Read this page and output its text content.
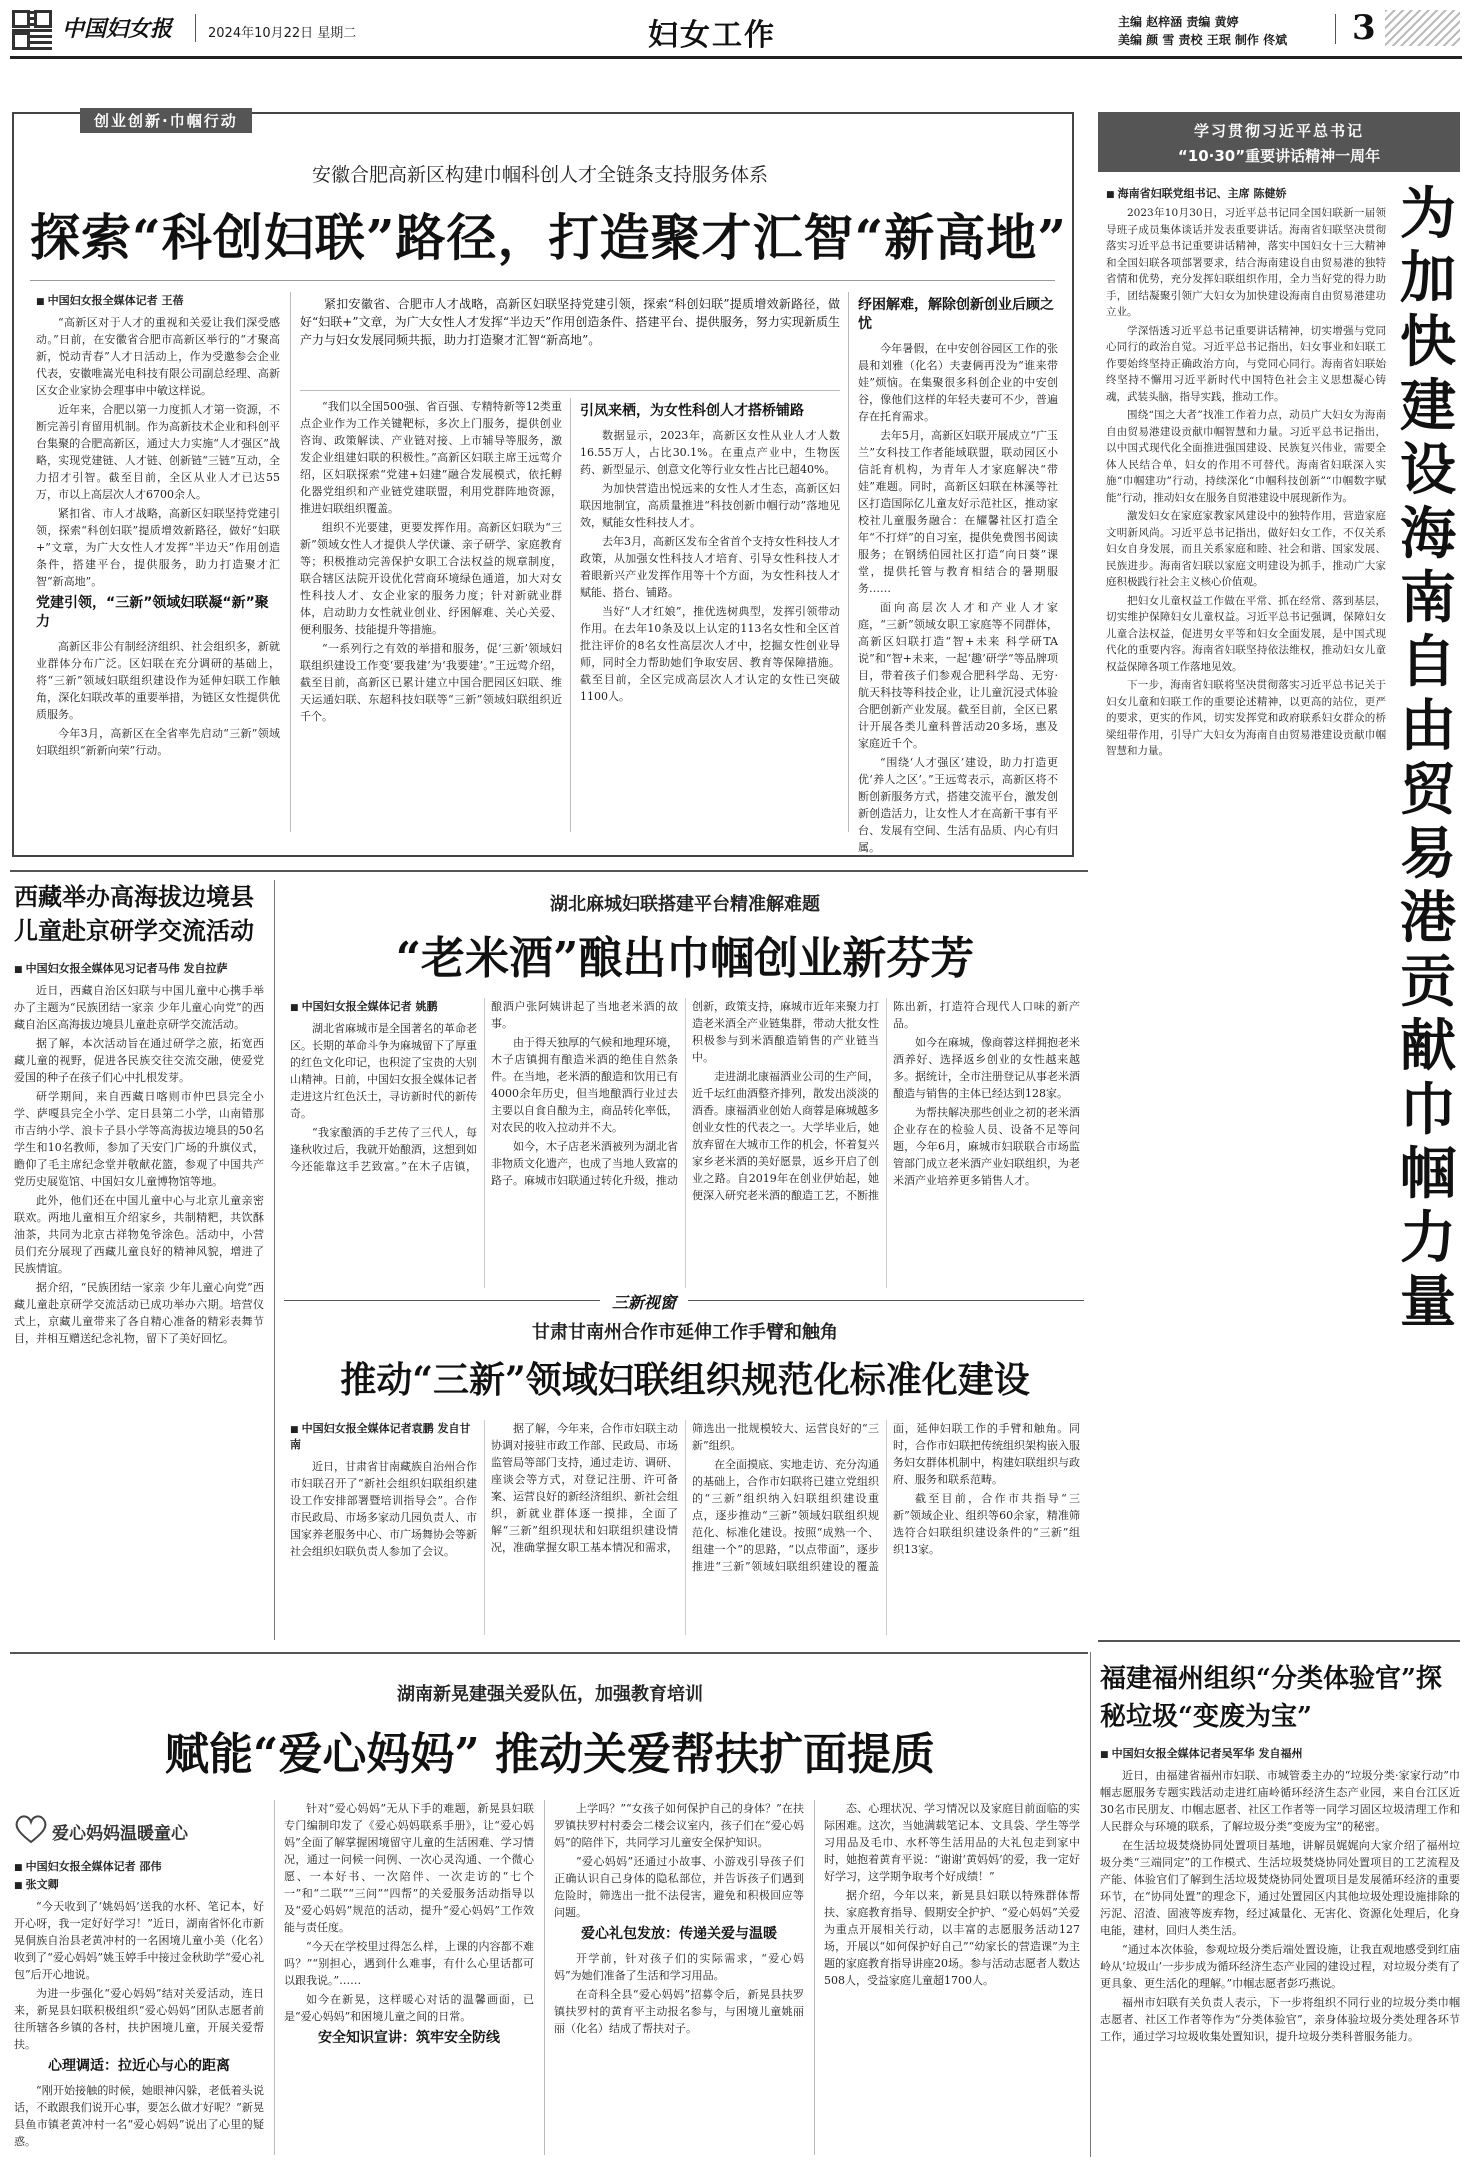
中国妇女报	2024年10月22日 星期二	妇女工作	主编 赵梓涵 责编 黄婷
美编 颜 雪 责校 王珉 制作 佟斌 3
创业创新·巾帼行动
安徽合肥高新区构建巾帼科创人才全链条支持服务体系
探索“科创妇联”路径，打造聚才汇智“新高地”
■ 中国妇女报全媒体记者 王蓓

“高新区对于人才的重视和关爱让我们深受感动。”日前，在安徽省合肥市高新区举行的“才聚高新，悦动青春”人才日活动上，作为受邀参会企业代表，安徽唯嵩光电科技有限公司副总经理、高新区女企业家协会理事申中敏这样说。

近年来，合肥以第一力度抓人才第一资源，不断完善引育留用机制。作为高新技术企业和科创平台集聚的合肥高新区，通过大力实施“人才强区”战略，实现党建链、人才链、创新链“三链”互动，全力招才引智。截至目前，全区从业人才已达55万，市以上高层次人才6700余人。

紧扣省、市人才战略，高新区妇联坚持党建引领，探索“科创妇联”提质增效新路径，做好“妇联+”文章，为广大女性人才发挥“半边天”作用创造条件，搭建平台，提供服务，助力打造聚才汇智“新高地”。

党建引领，“三新”领域妇联凝“新”聚力

高新区非公有制经济组织、社会组织多，新就业群体分布广泛。区妇联在充分调研的基础上，将“三新”领域妇联组织建设作为延伸妇联工作触角，深化妇联改革的重要举措，为链区女性提供优质服务。

今年3月，高新区在全省率先启动“三新”领域妇联组织“新新向荣”行动。

紧扣安徽省、合肥市人才战略，高新区妇联坚持党建引领，探索“科创妇联”提质增效新路径，做好“妇联+”文章，为广大女性人才发挥“半边天”作用创造条件、搭建平台、提供服务，努力实现新质生产力与妇女发展同频共振，助力打造聚才汇智“新高地”。

“我们以全国500强、省百强、专精特新等12类重点企业作为工作关键靶标，多次上门服务，提供创业咨询、政策解读、产业链对接、上市辅导等服务，激发企业组建妇联的积极性。”高新区妇联主席王远莺介绍，区妇联探索“党建+妇建”融合发展模式，依托孵化器党组织和产业链党建联盟，利用党群阵地资源，推进妇联组织覆盖。

组织不光要建，更要发挥作用。高新区妇联为“三新”领域女性人才提供人学伏谦、亲子研学、家庭教育等；积极推动完善保护女职工合法权益的规章制度，联合辖区法院开设优化营商环境绿色通道，加大对女性科技人才、女企业家的服务力度；针对新就业群体，启动助力女性就业创业、纾困解难、关心关爱、便利服务、技能提升等措施。

“一系列行之有效的举措和服务，促‘三新’领域妇联组织建设工作变‘要我建’为‘我要建’。”王远莺介绍，截至目前，高新区已累计建立中国合肥园区妇联、维天运通妇联、东超科技妇联等“三新”领域妇联组织近千个。

引凤来栖，为女性科创人才搭桥铺路

数据显示，2023年，高新区女性从业人才人数16.55万人，占比30.1%。在重点产业中，生物医药、新型显示、创意文化等行业女性占比已超40%。

为加快营造出悦远来的女性人才生态，高新区妇联因地制宜，高质量推进“科技创新巾帼行动”落地见效，赋能女性科技人才。

去年3月，高新区发布全省首个支持女性科技人才政策，从加强女性科技人才培育、引导女性科技人才着眼新兴产业发挥作用等十个方面，为女性科技人才赋能、搭台、铺路。

当好“人才红娘”，推优选树典型，发挥引领带动作用。在去年10条及以上认定的113名女性和全区首批注评价的8名女性高层次人才中，挖掘女性创业导师，同时全力帮助她们争取安居、教育等保障措施。截至目前，全区完成高层次人才认定的女性已突破1100人。

纾困解难，解除创新创业后顾之忧

今年暑假，在中安创谷园区工作的张晨和刘雅（化名）夫妻俩再没为“谁来带娃”烦恼。在集聚很多科创企业的中安创谷，像他们这样的年轻夫妻可不少，普遍存在托育需求。

去年5月，高新区妇联开展成立“广玉兰”女科技工作者能域联盟，联动园区小信託育机构，为青年人才家庭解决“带娃”难题。同时，高新区妇联在林溪等社区打造国际亿儿童友好示范社区，推动家校社儿童服务融合：在耀馨社区打造全年“不打烊”的自习室，提供免费图书阅读服务；在钢绣伯园社区打造“向日葵”课堂，提供托管与教育相结合的暑期服务……

面向高层次人才和产业人才家庭，“三新”领域女职工家庭等不同群体，高新区妇联打造“智+未来 科学研TA说”和“智+未来，一起‘趣’研学”等品牌项目，带着孩子们参观合肥科学岛、无穷·航天科技等科技企业，让儿童沉浸式体验合肥创新产业发展。截至目前，全区已累计开展各类儿童科普活动20多场，惠及家庭近千个。

“围绕‘人才强区’建设，助力打造更优‘养人之区’。”王远莺表示，高新区将不断创新服务方式，搭建交流平台，激发创新创造活力，让女性人才在高新干事有平台、发展有空间、生活有品质、内心有归属。

学习贯彻习近平总书记
“10·30”重要讲话精神一周年
■ 海南省妇联党组书记、主席 陈健娇

2023年10月30日，习近平总书记同全国妇联新一届领导班子成员集体谈话并发表重要讲话。海南省妇联坚决贯彻落实习近平总书记重要讲话精神，落实中国妇女十三大精神和全国妇联各项部署要求，结合海南建设自由贸易港的独特省情和优势，充分发挥妇联组织作用，全力当好党的得力助手，团结凝聚引领广大妇女为加快建设海南自由贸易港建功立业。

学深悟透习近平总书记重要讲话精神，切实增强与党同心同行的政治自觉。习近平总书记指出，妇女事业和妇联工作要始终坚持正确政治方向，与党同心同行。海南省妇联始终坚持不懈用习近平新时代中国特色社会主义思想凝心铸魂，武装头脑，指导实践，推动工作。

围绕“国之大者”找准工作着力点，动员广大妇女为海南自由贸易港建设贡献巾帼智慧和力量。习近平总书记指出，以中国式现代化全面推进强国建设、民族复兴伟业，需要全体人民结合单，妇女的作用不可替代。海南省妇联深入实施“巾帼建功”行动，持续深化“巾帼科技创新”“巾帼数字赋能”行动，推动妇女在服务自贸港建设中展现新作为。

激发妇女在家庭家教家风建设中的独特作用，营造家庭文明新风尚。习近平总书记指出，做好妇女工作，不仅关系妇女自身发展，而且关系家庭和睦、社会和谐、国家发展、民族进步。海南省妇联以家庭文明建设为抓手，推动广大家庭积极践行社会主义核心价值观。

把妇女儿童权益工作做在平常、抓在经常、落到基层，切实维护保障妇女儿童权益。习近平总书记强调，保障妇女儿童合法权益，促进男女平等和妇女全面发展，是中国式现代化的重要内容。海南省妇联坚持依法维权，推动妇女儿童权益保障各项工作落地见效。

下一步，海南省妇联将坚决贯彻落实习近平总书记关于妇女儿童和妇联工作的重要论述精神，以更高的站位，更严的要求，更实的作风，切实发挥党和政府联系妇女群众的桥梁纽带作用，引导广大妇女为海南自由贸易港建设贡献巾帼智慧和力量。

为加快建设海南自由贸易港贡献巾帼力量
西藏举办高海拔边境县儿童赴京研学交流活动
■ 中国妇女报全媒体见习记者马伟 发自拉萨

近日，西藏自治区妇联与中国儿童中心携手举办了主题为“民族团结一家亲 少年儿童心向党”的西藏自治区高海拔边境县儿童赴京研学交流活动。

据了解，本次活动旨在通过研学之旅，拓宽西藏儿童的视野，促进各民族交往交流交融，使爱党爱国的种子在孩子们心中扎根发芽。

研学期间，来自西藏日喀则市仲巴县完全小学、萨嘎县完全小学、定日县第二小学，山南错那市吉纳小学、浪卡子县小学等高海拔边境县的50名学生和10名教师，参加了天安门广场的升旗仪式，瞻仰了毛主席纪念堂并敬献花篮，参观了中国共产党历史展览馆、中国妇女儿童博物馆等地。

此外，他们还在中国儿童中心与北京儿童亲密联欢。两地儿童相互介绍家乡，共制精粑，共饮酥油茶，共同为北京古祥物兔爷涂色。活动中，小营员们充分展现了西藏儿童良好的精神风貌，增进了民族情谊。

据介绍，“民族团结一家亲 少年儿童心向党”西藏儿童赴京研学交流活动已成功举办六期。培营仪式上，京藏儿童带来了各自精心准备的精彩表舞节目，并相互赠送纪念礼物，留下了美好回忆。

湖北麻城妇联搭建平台精准解难题
“老米酒”酿出巾帼创业新芬芳
■ 中国妇女报全媒体记者 姚鹏

湖北省麻城市是全国著名的革命老区。长期的革命斗争为麻城留下了厚重的红色文化印记，也积淀了宝贵的大别山精神。日前，中国妇女报全媒体记者走进这片红色沃土，寻访新时代的新传奇。

“我家酿酒的手艺传了三代人，每逢秋收过后，我就开始酿酒，这想到如今还能靠这手艺致富。”在木子店镇，酿酒户张阿姨讲起了当地老米酒的故事。

由于得天独厚的气候和地理环境，木子店镇拥有酿造米酒的绝佳自然条件。在当地，老米酒的酿造和饮用已有4000余年历史，但当地酿酒行业过去主要以自食自酿为主，商品转化率低，对农民的收入拉动并不大。

如今，木子店老米酒被列为湖北省非物质文化遗产，也成了当地人致富的路子。麻城市妇联通过转化升级，推动创新，政策支持，麻城市近年来聚力打造老米酒全产业链集群，带动大批女性积极参与到米酒酿造销售的产业链当中。

走进湖北康福酒业公司的生产间，近千坛红曲酒整齐排列，散发出淡淡的酒香。康福酒业创始人商蓉是麻城越多创业女性的代表之一。大学毕业后，她放弃留在大城市工作的机会，怀着复兴家乡老米酒的美好愿景，返乡开启了创业之路。自2019年在创业伊始起，她便深入研究老米酒的酿造工艺，不断推陈出新，打造符合现代人口味的新产品。

如今在麻城，像商蓉这样拥抱老米酒养好、选择返乡创业的女性越来越多。据统计，全市注册登记从事老米酒酿造与销售的主体已经达到128家。

为帮扶解决那些创业之初的老米酒企业存在的检验人员、设备不足等问题，今年6月，麻城市妇联联合市场监管部门成立老米酒产业妇联组织，为老米酒产业培养更多销售人才。

三新视窗
甘肃甘南州合作市延伸工作手臂和触角
推动“三新”领域妇联组织规范化标准化建设
■ 中国妇女报全媒体记者袁鹏 发自甘南

近日，甘肃省甘南藏族自治州合作市妇联召开了“新社会组织妇联组织建设工作安排部署暨培训指导会”。合作市民政局、市场多家动几园负责人、市国家养老服务中心、市广场舞协会等新社会组织妇联负责人参加了会议。

据了解，今年来，合作市妇联主动协调对接驻市政工作部、民政局、市场监管局等部门支持，通过走访、调研、座谈会等方式，对登记注册、许可备案、运营良好的新经济组织、新社会组织，新就业群体逐一摸排，全面了解“三新”组织现状和妇联组织建设情况，准确掌握女职工基本情况和需求，筛选出一批规模较大、运营良好的“三新”组织。

在全面摸底、实地走访、充分沟通的基础上，合作市妇联将已建立党组织的“三新”组织纳入妇联组织建设重点，逐步推动“三新”领域妇联组织规范化、标准化建设。按照“成熟一个、组建一个”的思路，“以点带面”，逐步推进“三新”领域妇联组织建设的覆盖面，延伸妇联工作的手臂和触角。同时，合作市妇联把传统组织架构嵌入服务妇女群体机制中，构建妇联组织与政府、服务和联系范畴。

截至目前，合作市共指导“三新”领域企业、组织等60余家，精准筛选符合妇联组织建设条件的“三新”组织13家。

湖南新晃建强关爱队伍，加强教育培训
赋能“爱心妈妈” 推动关爱帮扶扩面提质
爱心妈妈温暖童心
■ 中国妇女报全媒体记者 邵伟
■ 张文卿

“今天收到了‘姚妈妈’送我的水杯、笔记本，好开心呀，我一定好好学习！”近日，湖南省怀化市新晃侗族自治县老黄冲村的一名困境儿童小美（化名）收到了“爱心妈妈”姚玉婷手中接过金秋助学“爱心礼包”后开心地说。

为进一步强化“爱心妈妈”结对关爱活动，连日来，新晃县妇联积极组织“爱心妈妈”团队志愿者前往所辖各乡镇的各村，扶护困境儿童，开展关爱帮扶。

心理调适：拉近心与心的距离

“刚开始接触的时候，她眼神闪躲，老低着头说话，不敢跟我们说开心事，要怎么做才好呢？”新晃县鱼市镇老黄冲村一名“爱心妈妈”说出了心里的疑惑。

针对“爱心妈妈”无从下手的难题，新晃县妇联专门编制印发了《爱心妈妈联系手册》，让“爱心妈妈”全面了解掌握困境留守儿童的生活困难、学习情况，通过一问候一问例、一次心灵沟通、一个微心愿、一本好书、一次陪伴、一次走访的“七个一”和“二联”“三问”“四帮”的关爱服务活动指导以及“爱心妈妈”规范的活动，提升“爱心妈妈”工作效能与责任度。

“今天在学校里过得怎么样，上课的内容都不难吗？”“别担心，遇到什么难事，有什么心里话都可以跟我说。”……

如今在新晃，这样暖心对话的温馨画面，已是“爱心妈妈”和困境儿童之间的日常。

安全知识宣讲：筑牢安全防线

上学吗？”“女孩子如何保护自己的身体？”在扶罗镇扶罗村村委会二楼会议室内，孩子们在“爱心妈妈”的陪伴下，共同学习儿童安全保护知识。

“爱心妈妈”还通过小故事、小游戏引导孩子们正确认识自己身体的隐私部位，并告诉孩子们遇到危险时，筛选出一批不法侵害，避免和积极回应等问题。

爱心礼包发放：传递关爱与温暖

开学前，针对孩子们的实际需求，“爱心妈妈”为她们准备了生活和学习用品。

在奇科全县“爱心妈妈”招募令后，新晃县扶罗镇扶罗村的黄育平主动报名参与，与困境儿童姚丽丽（化名）结成了帮扶对子。

态、心理状况、学习情况以及家庭目前面临的实际困难。这次，当她满载笔记本、文具袋、学生等学习用品及毛巾、水杯等生活用品的大礼包走到家中时，她抱着黄育平说：“谢谢‘黄妈妈’的爱，我一定好好学习，这学期争取考个好成绩！”

据介绍，今年以来，新晃县妇联以特殊群体帮扶、家庭教育指导、假期安全护护、“爱心妈妈”关爱为重点开展相关行动，以丰富的志愿服务活动127场，开展以“如何保护好自己”“幼家长的营造课”为主题的家庭教育指导讲座20场。参与活动志愿者人数达508人，受益家庭儿童超1700人。

福建福州组织“分类体验官”探秘垃圾“变废为宝”
■ 中国妇女报全媒体记者吴军华 发自福州

近日，由福建省福州市妇联、市城管委主办的“垃圾分类·家家行动”巾帼志愿服务专题实践活动走进红庙岭循环经济生态产业园，来自台江区近30名市民朋友、巾帼志愿者、社区工作者等一同学习固区垃圾清理工作和人民群众与环境的联系，了解垃圾分类“变废为宝”的秘密。

在生活垃圾焚烧协同处置项目基地，讲解员娓娓向大家介绍了福州垃圾分类“三端同定”的工作模式、生活垃圾焚烧协同处置项目的工艺流程及产能、体验官们了解到生活垃圾焚烧协同处置项目是发展循环经济的重要环节，在“协同处置”的理念下，通过处置园区内其他垃圾处理设施排除的污泥、沼渣、固液等废弃物，经过减量化、无害化、资源化处理后，化身电能，建材，回归人类生活。

“通过本次体验，参观垃圾分类后端处置设施，让我直观地感受到红庙岭从‘垃圾山’一步步成为循环经济生态产业园的建设过程，对垃圾分类有了更具象、更生活化的理解。”巾帼志愿者彭巧燕说。

福州市妇联有关负责人表示，下一步将组织不同行业的垃圾分类巾帼志愿者、社区工作者等作为“分类体验官”，亲身体验垃圾分类处理各环节工作，通过学习垃圾收集处置知识，提升垃圾分类科普服务能力。
